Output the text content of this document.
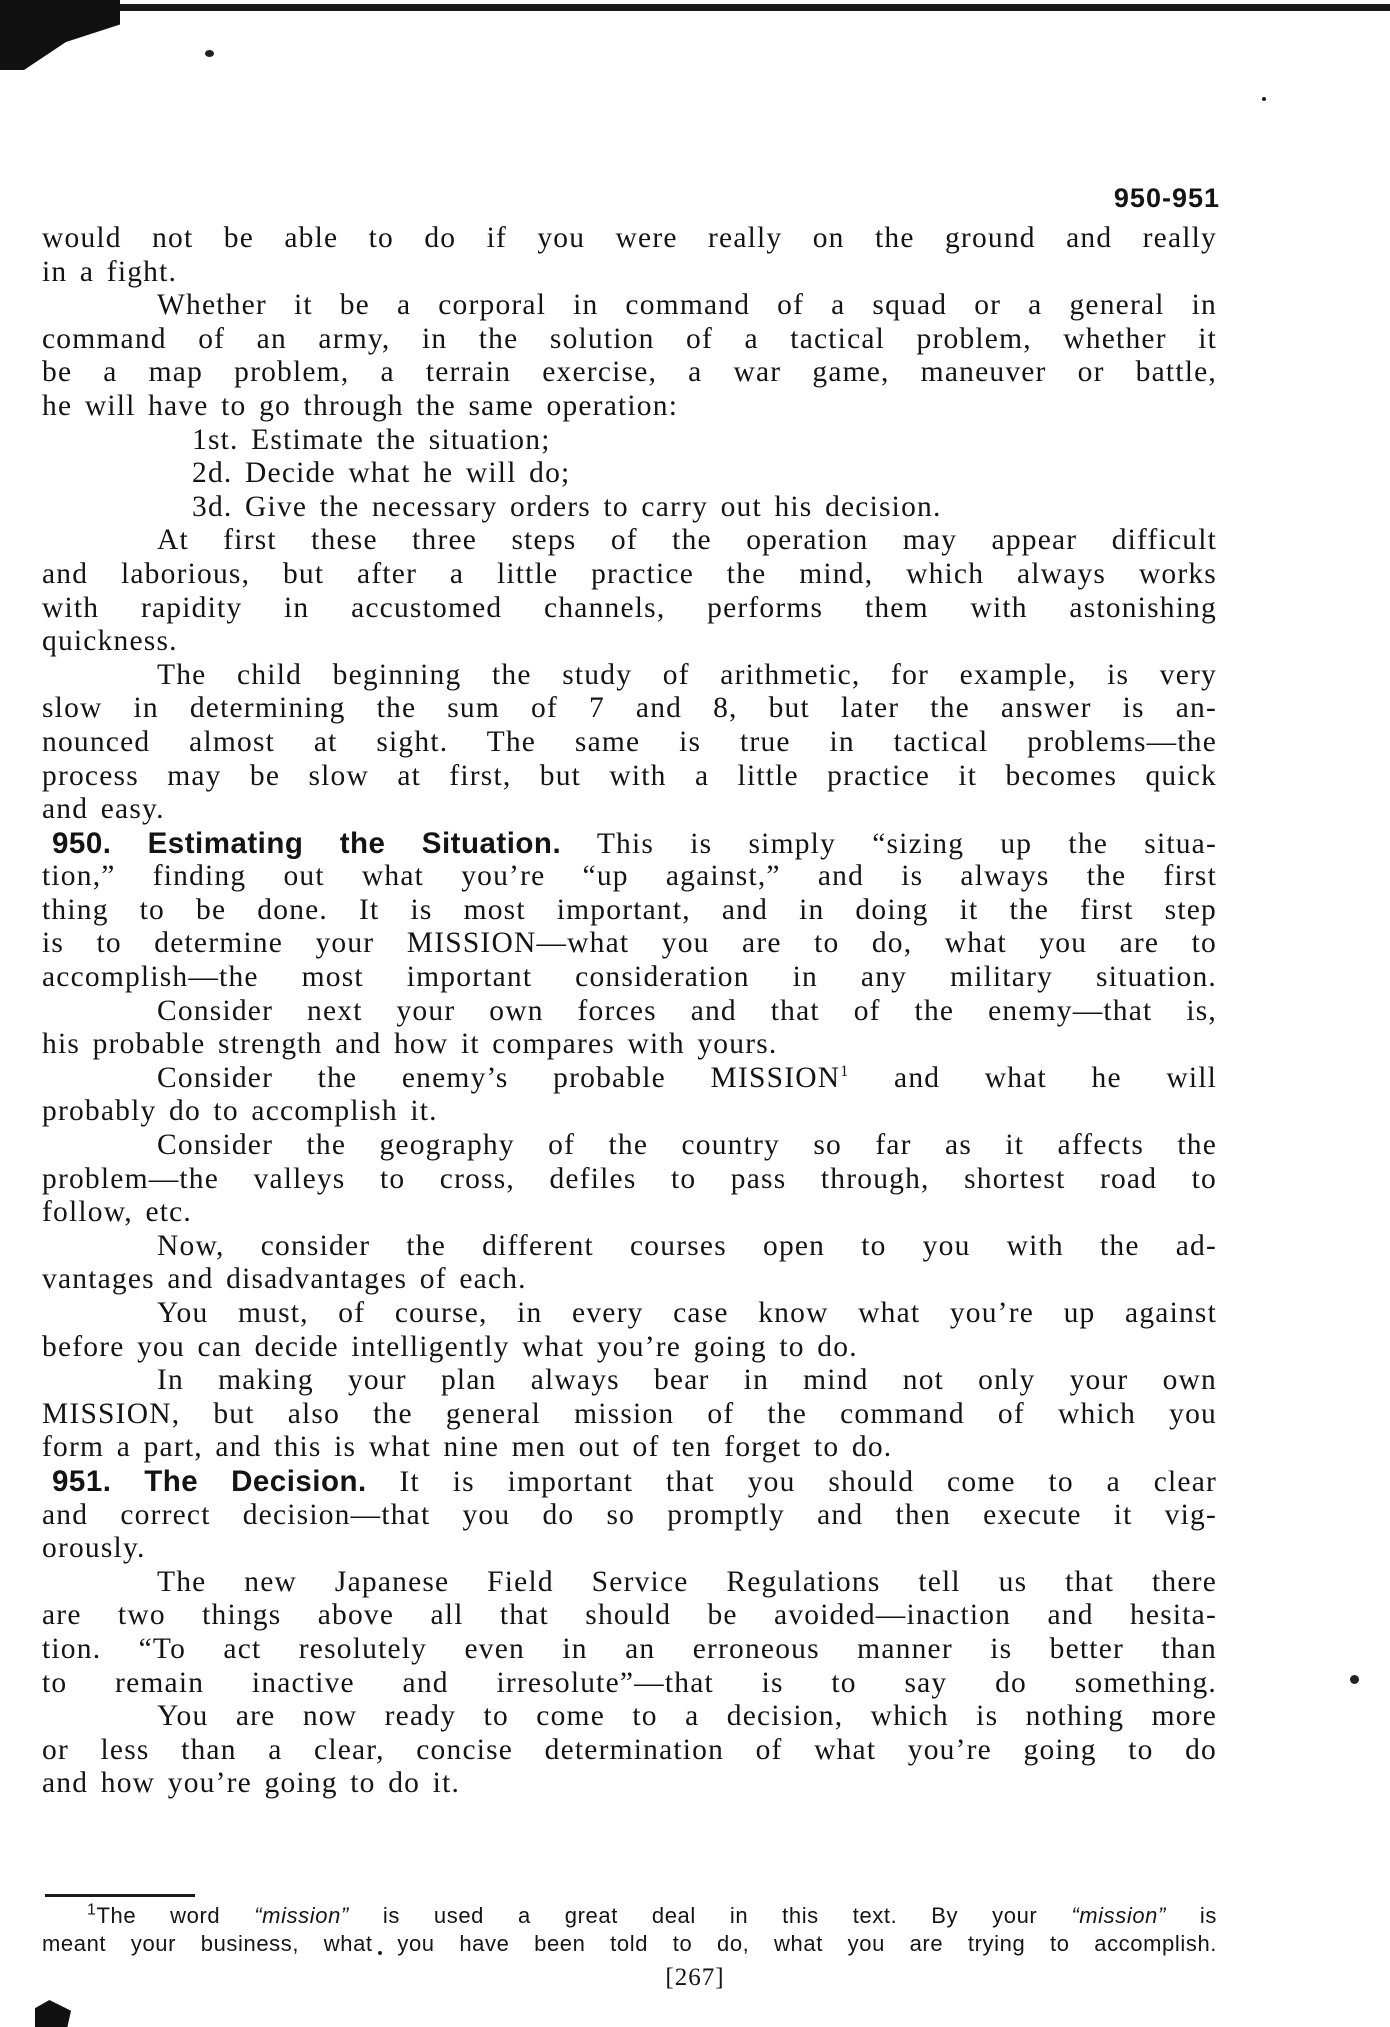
950-951
would not be able to do if you were really on the ground and really
in a fight.
Whether it be a corporal in command of a squad or a general in
command of an army, in the solution of a tactical problem, whether it
be a map problem, a terrain exercise, a war game, maneuver or battle,
he will have to go through the same operation:
1st. Estimate the situation;
2d. Decide what he will do;
3d. Give the necessary orders to carry out his decision.
At first these three steps of the operation may appear difficult
and laborious, but after a little practice the mind, which always works
with rapidity in accustomed channels, performs them with astonishing
quickness.
The child beginning the study of arithmetic, for example, is very
slow in determining the sum of 7 and 8, but later the answer is an-
nounced almost at sight. The same is true in tactical problems—the
process may be slow at first, but with a little practice it becomes quick
and easy.
950. Estimating the Situation. This is simply “sizing up the situa-
tion,” finding out what you’re “up against,” and is always the first
thing to be done. It is most important, and in doing it the first step
is to determine your MISSION—what you are to do, what you are to
accomplish—the most important consideration in any military situation.
Consider next your own forces and that of the enemy—that is,
his probable strength and how it compares with yours.
Consider the enemy’s probable MISSION$^1$ and what he will
probably do to accomplish it.
Consider the geography of the country so far as it affects the
problem—the valleys to cross, defiles to pass through, shortest road to
follow, etc.
Now, consider the different courses open to you with the ad-
vantages and disadvantages of each.
You must, of course, in every case know what you’re up against
before you can decide intelligently what you’re going to do.
In making your plan always bear in mind not only your own
MISSION, but also the general mission of the command of which you
form a part, and this is what nine men out of ten forget to do.
951. The Decision. It is important that you should come to a clear
and correct decision—that you do so promptly and then execute it vig-
orously.
The new Japanese Field Service Regulations tell us that there
are two things above all that should be avoided—inaction and hesita-
tion. “To act resolutely even in an erroneous manner is better than
to remain inactive and irresolute”—that is to say do something.
You are now ready to come to a decision, which is nothing more
or less than a clear, concise determination of what you’re going to do
and how you’re going to do it.
$^1$The word “mission” is used a great deal in this text. By your “mission” is
meant your business, what you have been told to do, what you are trying to accomplish.
[267]
